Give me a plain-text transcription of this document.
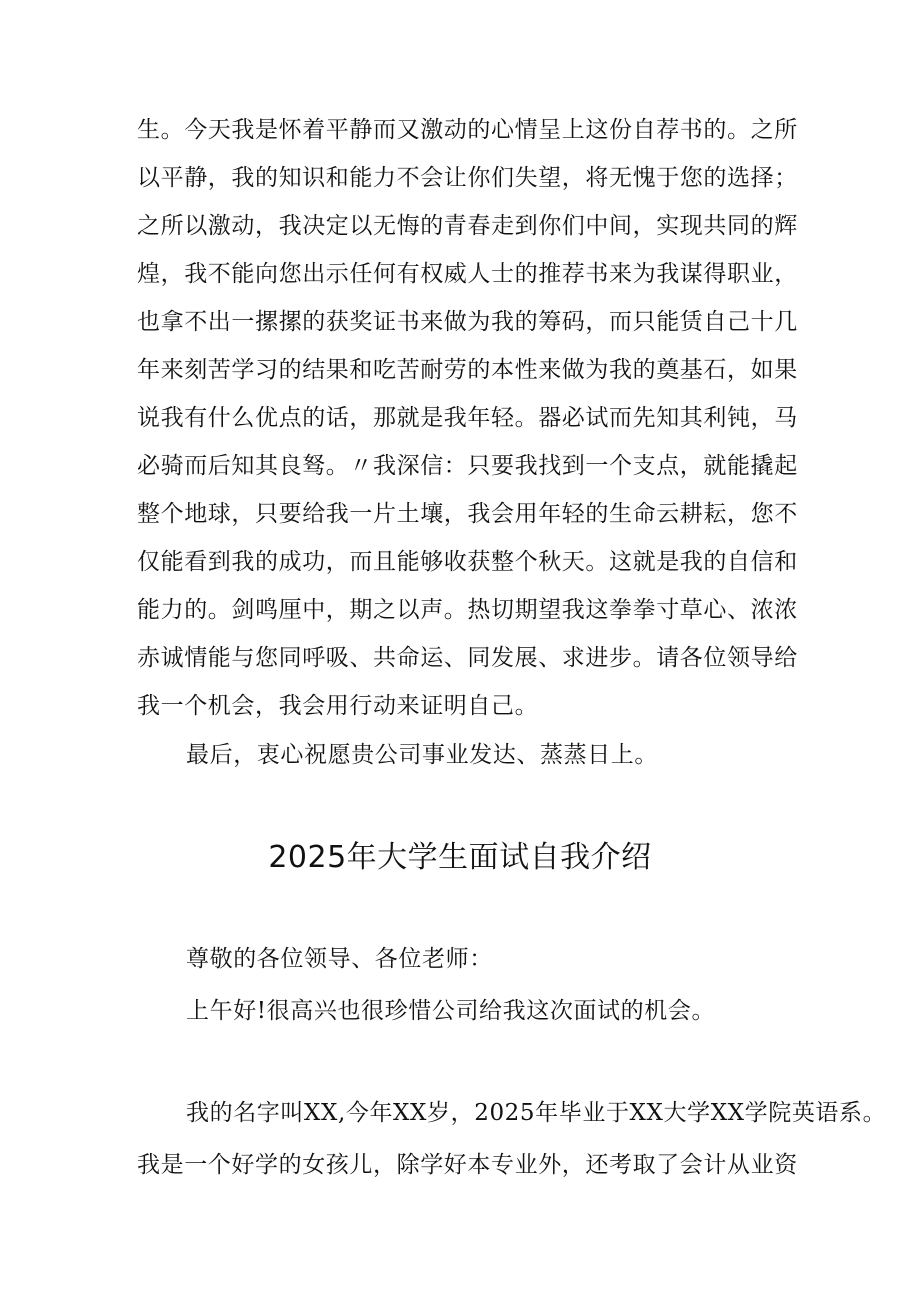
生。今天我是怀着平静而又激动的心情呈上这份自荐书的。之所
以平静，我的知识和能力不会让你们失望，将无愧于您的选择；
之所以激动，我决定以无悔的青春走到你们中间，实现共同的辉
煌，我不能向您出示任何有权威人士的推荐书来为我谋得职业，
也拿不出一摞摞的获奖证书来做为我的筹码，而只能赁自己十几
年来刻苦学习的结果和吃苦耐劳的本性来做为我的奠基石，如果
说我有什么优点的话，那就是我年轻。器必试而先知其利钝，马
必骑而后知其良驽。〃我深信：只要我找到一个支点，就能撬起
整个地球，只要给我一片土壤，我会用年轻的生命云耕耘，您不
仅能看到我的成功，而且能够收获整个秋天。这就是我的自信和
能力的。剑鸣厘中，期之以声。热切期望我这拳拳寸草心、浓浓
赤诚情能与您同呼吸、共命运、同发展、求进步。请各位领导给
我一个机会，我会用行动来证明自己。
最后，衷心祝愿贵公司事业发达、蒸蒸日上。
2025年大学生面试自我介绍
尊敬的各位领导、各位老师：
上午好!很高兴也很珍惜公司给我这次面试的机会。
我的名字叫XX,今年XX岁，2025年毕业于XX大学XX学院英语系。
我是一个好学的女孩儿，除学好本专业外，还考取了会计从业资
